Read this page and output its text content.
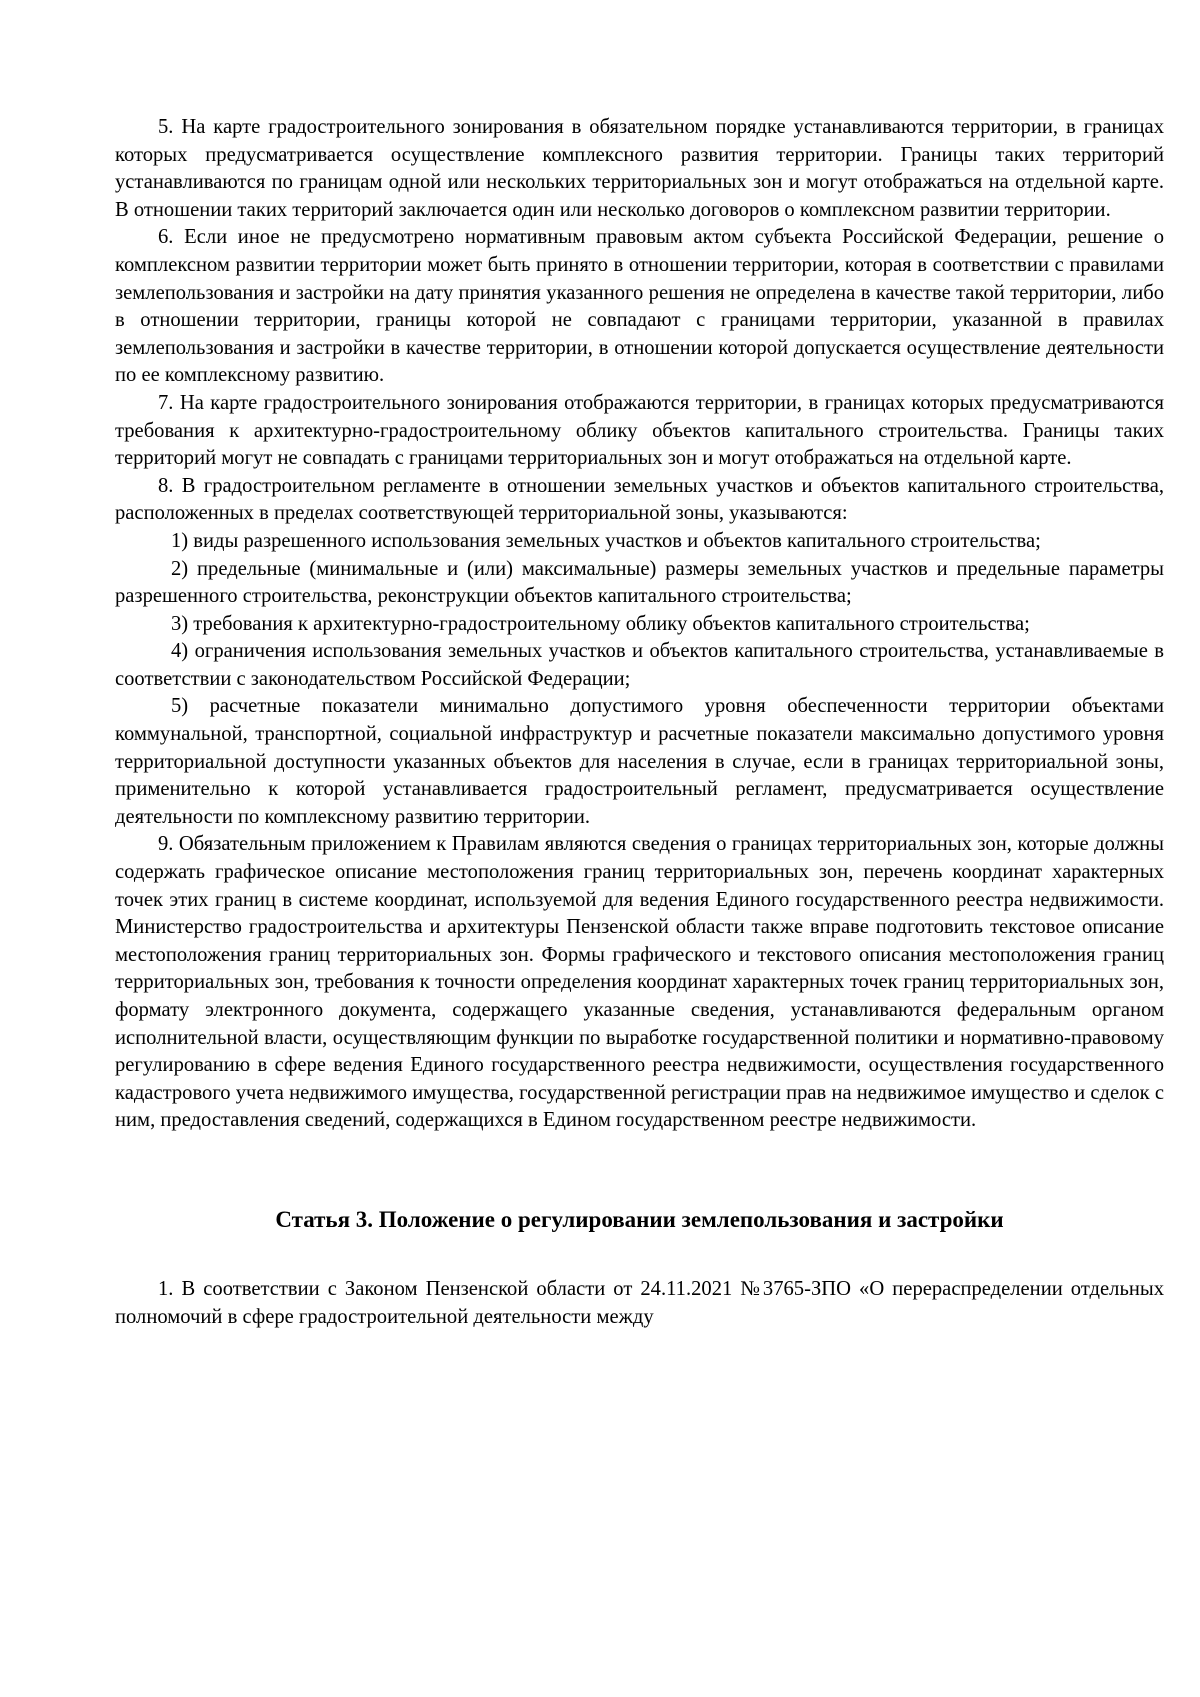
5. На карте градостроительного зонирования в обязательном порядке устанавливаются территории, в границах которых предусматривается осуществление комплексного развития территории. Границы таких территорий устанавливаются по границам одной или нескольких территориальных зон и могут отображаться на отдельной карте. В отношении таких территорий заключается один или несколько договоров о комплексном развитии территории.

6. Если иное не предусмотрено нормативным правовым актом субъекта Российской Федерации, решение о комплексном развитии территории может быть принято в отношении территории, которая в соответствии с правилами землепользования и застройки на дату принятия указанного решения не определена в качестве такой территории, либо в отношении территории, границы которой не совпадают с границами территории, указанной в правилах землепользования и застройки в качестве территории, в отношении которой допускается осуществление деятельности по ее комплексному развитию.

7. На карте градостроительного зонирования отображаются территории, в границах которых предусматриваются требования к архитектурно-градостроительному облику объектов капитального строительства. Границы таких территорий могут не совпадать с границами территориальных зон и могут отображаться на отдельной карте.

8. В градостроительном регламенте в отношении земельных участков и объектов капитального строительства, расположенных в пределах соответствующей территориальной зоны, указываются:

1) виды разрешенного использования земельных участков и объектов капитального строительства;

2) предельные (минимальные и (или) максимальные) размеры земельных участков и предельные параметры разрешенного строительства, реконструкции объектов капитального строительства;

3) требования к архитектурно-градостроительному облику объектов капитального строительства;

4) ограничения использования земельных участков и объектов капитального строительства, устанавливаемые в соответствии с законодательством Российской Федерации;

5) расчетные показатели минимально допустимого уровня обеспеченности территории объектами коммунальной, транспортной, социальной инфраструктур и расчетные показатели максимально допустимого уровня территориальной доступности указанных объектов для населения в случае, если в границах территориальной зоны, применительно к которой устанавливается градостроительный регламент, предусматривается осуществление деятельности по комплексному развитию территории.

9. Обязательным приложением к Правилам являются сведения о границах территориальных зон, которые должны содержать графическое описание местоположения границ территориальных зон, перечень координат характерных точек этих границ в системе координат, используемой для ведения Единого государственного реестра недвижимости. Министерство градостроительства и архитектуры Пензенской области также вправе подготовить текстовое описание местоположения границ территориальных зон. Формы графического и текстового описания местоположения границ территориальных зон, требования к точности определения координат характерных точек границ территориальных зон, формату электронного документа, содержащего указанные сведения, устанавливаются федеральным органом исполнительной власти, осуществляющим функции по выработке государственной политики и нормативно-правовому регулированию в сфере ведения Единого государственного реестра недвижимости, осуществления государственного кадастрового учета недвижимого имущества, государственной регистрации прав на недвижимое имущество и сделок с ним, предоставления сведений, содержащихся в Едином государственном реестре недвижимости.

Статья 3. Положение о регулировании землепользования и застройки

1. В соответствии с Законом Пензенской области от 24.11.2021 №3765-ЗПО «О перераспределении отдельных полномочий в сфере градостроительной деятельности между
